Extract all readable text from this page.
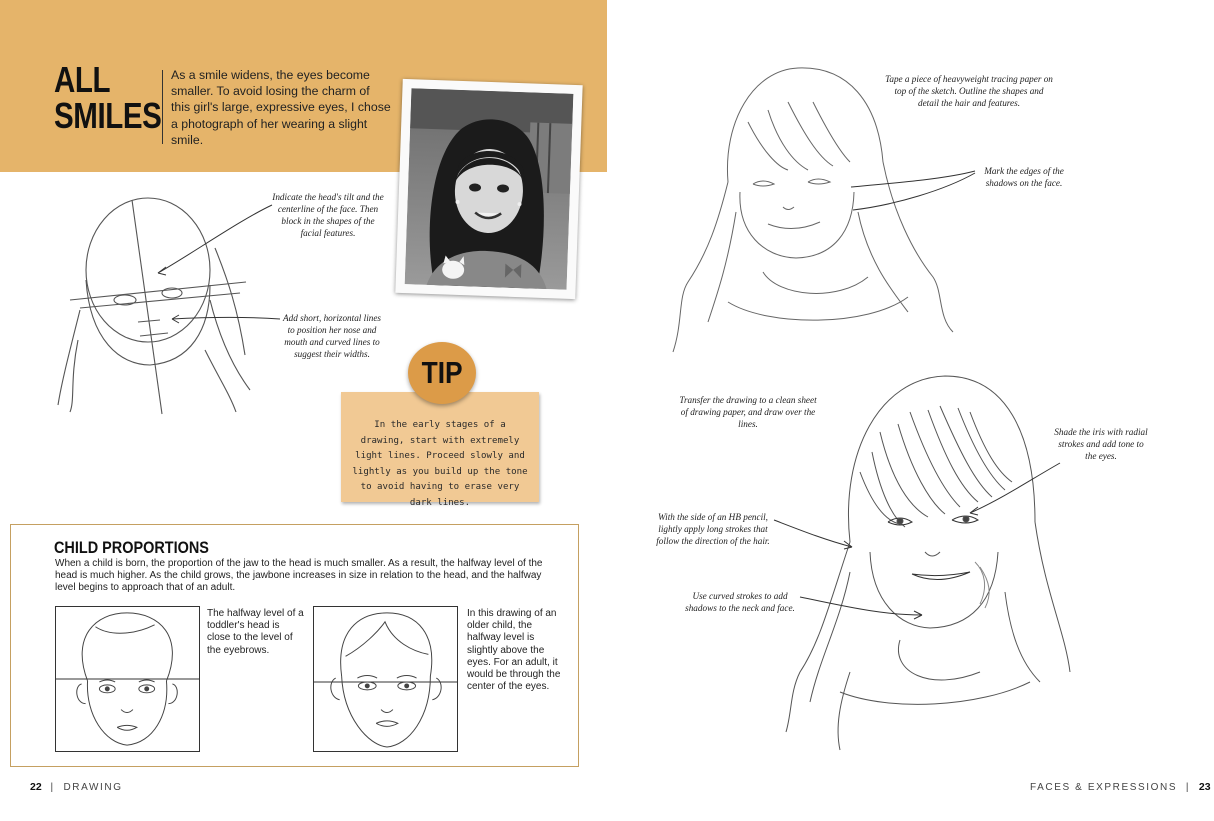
ALL
SMILES

As a smile widens, the eyes become smaller. To avoid losing the charm of this girl's large, expressive eyes, I chose a photograph of her wearing a slight smile.

Indicate the head's tilt and the centerline of the face. Then block in the shapes of the facial features.

Add short, horizontal lines to position her nose and mouth and curved lines to suggest their widths.

TIP
In the early stages of a drawing, start with extremely light lines. Proceed slowly and lightly as you build up the tone to avoid having to erase very dark lines.
CHILD PROPORTIONS

When a child is born, the proportion of the jaw to the head is much smaller. As a result, the halfway level of the head is much higher. As the child grows, the jawbone increases in size in relation to the head, and the halfway level begins to approach that of an adult.

The halfway level of a toddler's head is close to the level of the eyebrows.

In this drawing of an older child, the halfway level is slightly above the eyes. For an adult, it would be through the center of the eyes.

22  |  DRAWING

Tape a piece of heavyweight tracing paper on top of the sketch. Outline the shapes and detail the hair and features.

Mark the edges of the shadows on the face.

Transfer the drawing to a clean sheet of drawing paper, and draw over the lines.

Shade the iris with radial strokes and add tone to the eyes.

With the side of an HB pencil, lightly apply long strokes that follow the direction of the hair.

Use curved strokes to add shadows to the neck and face.

FACES & EXPRESSIONS  |  23
